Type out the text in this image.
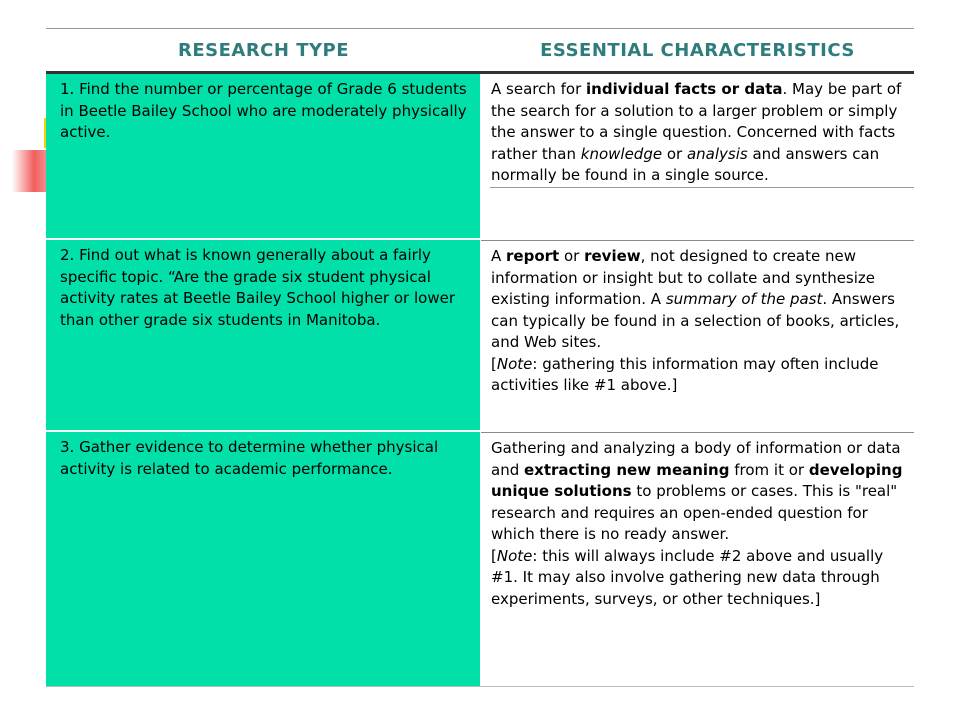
RESEARCH TYPE	ESSENTIAL CHARACTERISTICS

1. Find the number or percentage of Grade 6 students in Beetle Bailey School who are moderately physically active.

A search for individual facts or data. May be part of the search for a solution to a larger problem or simply the answer to a single question. Concerned with facts rather than knowledge or analysis and answers can normally be found in a single source.

2. Find out what is known generally about a fairly specific topic. “Are the grade six student physical activity rates at Beetle Bailey School higher or lower than other grade six students in Manitoba.

A report or review, not designed to create new information or insight but to collate and synthesize existing information. A summary of the past. Answers can typically be found in a selection of books, articles, and Web sites.
[Note: gathering this information may often include activities like #1 above.]

3. Gather evidence to determine whether physical activity is related to academic performance.

Gathering and analyzing a body of information or data and extracting new meaning from it or developing unique solutions to problems or cases. This is "real" research and requires an open-ended question for which there is no ready answer.
[Note: this will always include #2 above and usually #1. It may also involve gathering new data through experiments, surveys, or other techniques.]
